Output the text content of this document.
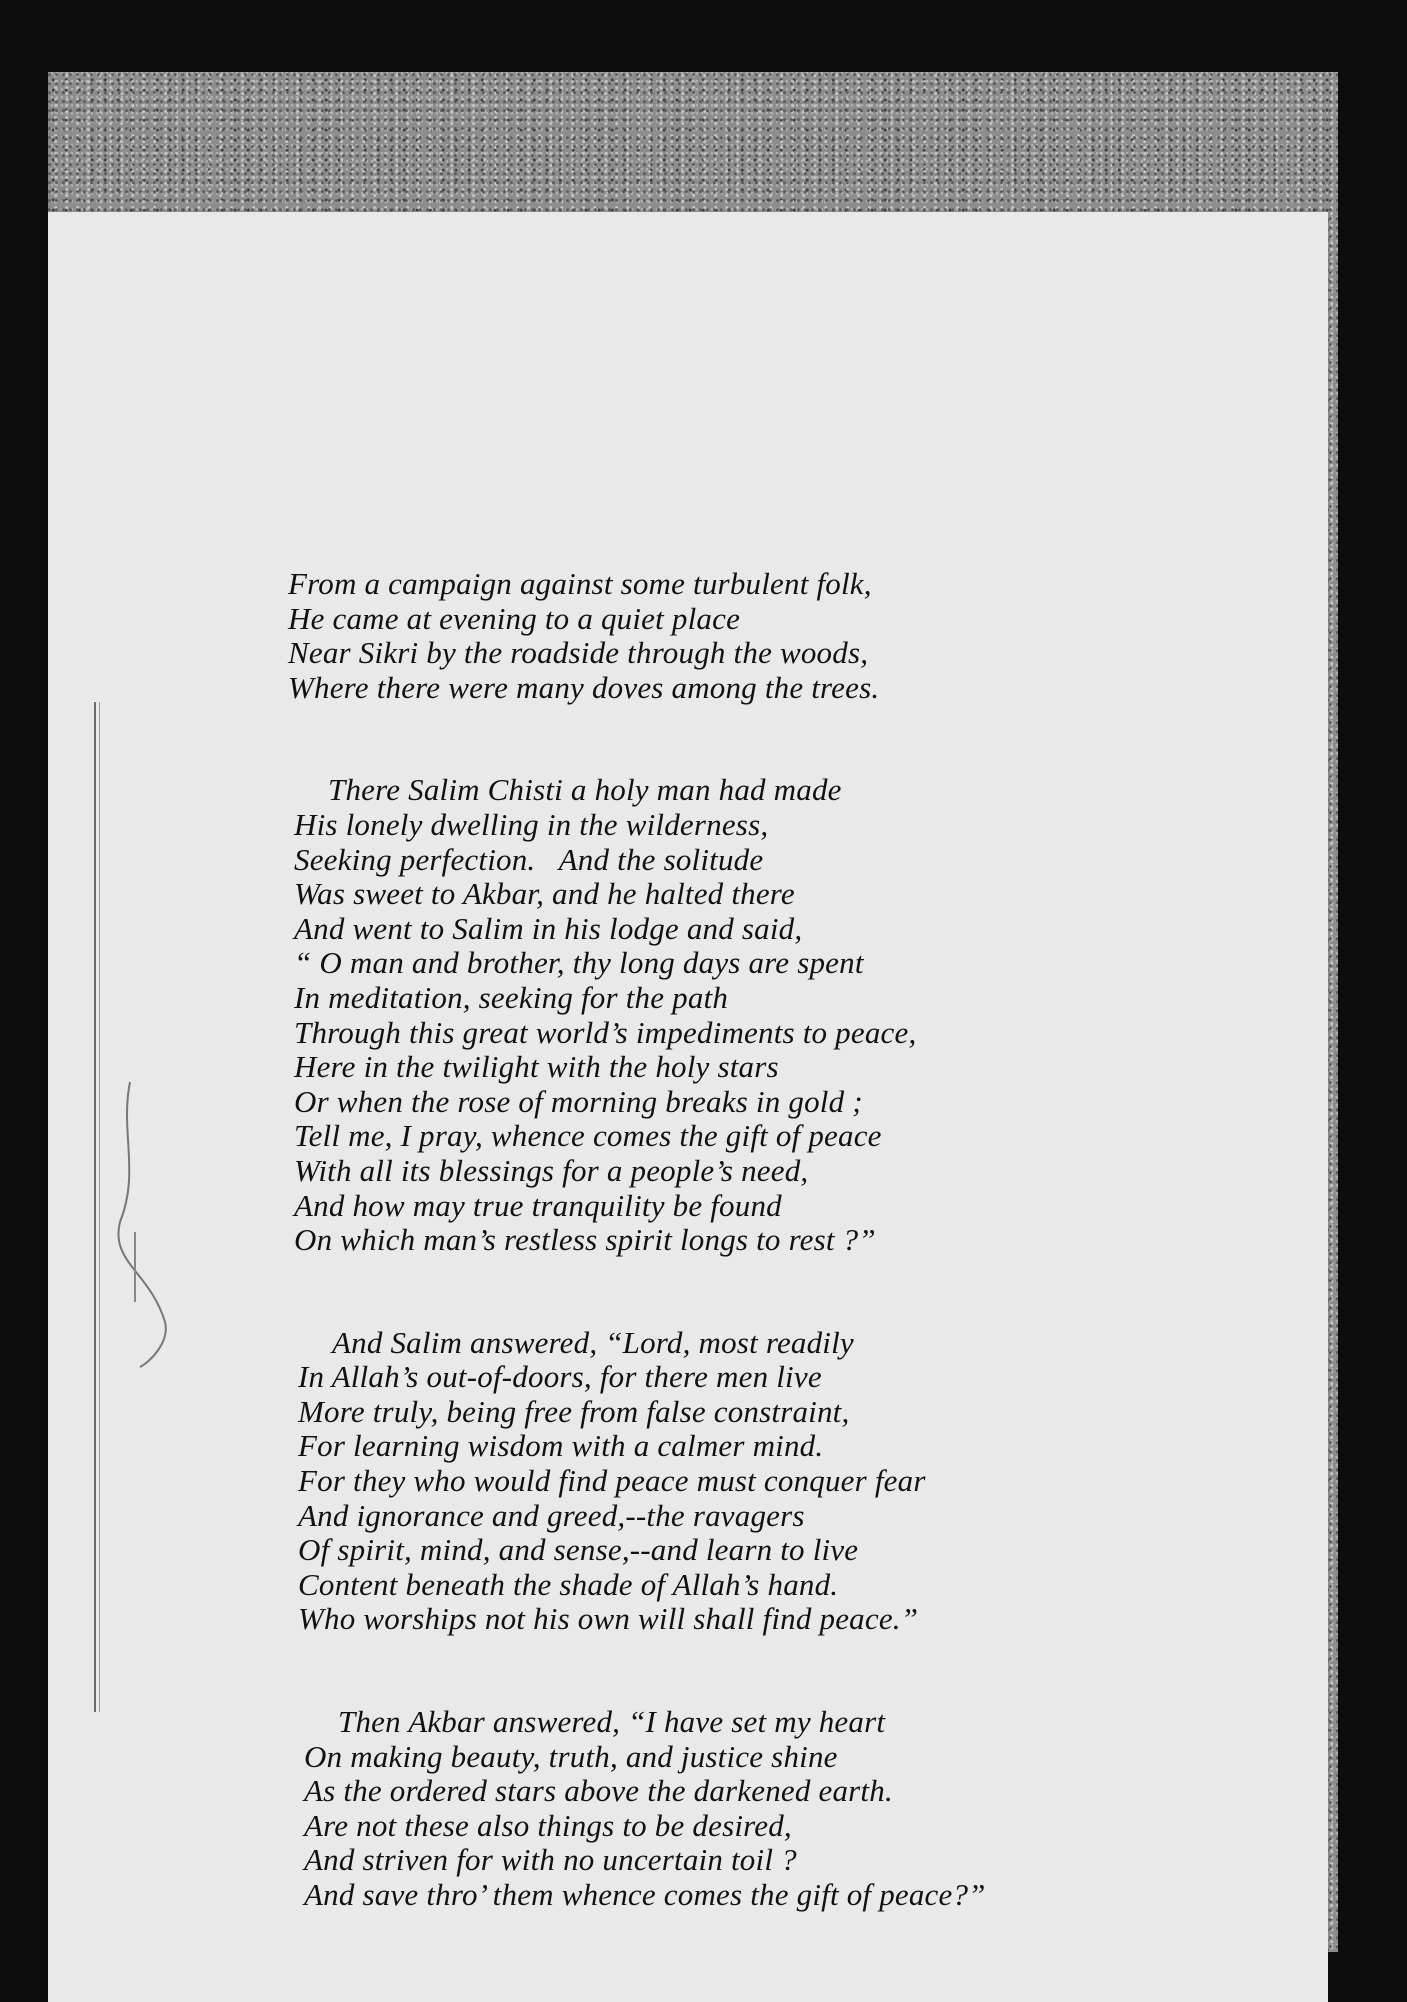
From a campaign against some turbulent folk,
He came at evening to a quiet place
Near Sikri by the roadside through the woods,
Where there were many doves among the trees.
There Salim Chisti a holy man had made
His lonely dwelling in the wilderness,
Seeking perfection.   And the solitude
Was sweet to Akbar, and he halted there
And went to Salim in his lodge and said,
“ O man and brother, thy long days are spent
In meditation, seeking for the path
Through this great world’s impediments to peace,
Here in the twilight with the holy stars
Or when the rose of morning breaks in gold ;
Tell me, I pray, whence comes the gift of peace
With all its blessings for a people’s need,
And how may true tranquility be found
On which man’s restless spirit longs to rest ?”
And Salim answered, “Lord, most readily
In Allah’s out-of-doors, for there men live
More truly, being free from false constraint,
For learning wisdom with a calmer mind.
For they who would find peace must conquer fear
And ignorance and greed,--the ravagers
Of spirit, mind, and sense,--and learn to live
Content beneath the shade of Allah’s hand.
Who worships not his own will shall find peace.”
Then Akbar answered, “I have set my heart
On making beauty, truth, and justice shine
As the ordered stars above the darkened earth.
Are not these also things to be desired,
And striven for with no uncertain toil ?
And save thro’ them whence comes the gift of peace?”
